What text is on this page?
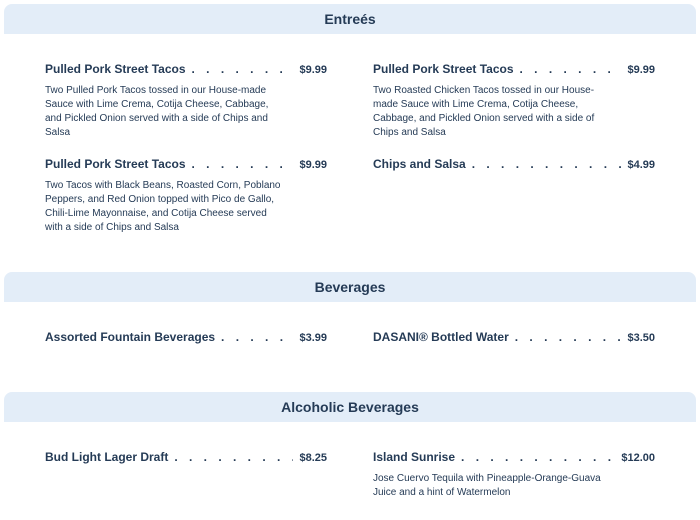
Entreés
Pulled Pork Street Tacos . . .	$9.99
Two Pulled Pork Tacos tossed in our House-made Sauce with Lime Crema, Cotija Cheese, Cabbage, and Pickled Onion served with a side of Chips and Salsa
Pulled Pork Street Tacos . . .	$9.99
Two Roasted Chicken Tacos tossed in our House-made Sauce with Lime Crema, Cotija Cheese, Cabbage, and Pickled Onion served with a side of Chips and Salsa
Pulled Pork Street Tacos . . .	$9.99
Two Tacos with Black Beans, Roasted Corn, Poblano Peppers, and Red Onion topped with Pico de Gallo, Chili-Lime Mayonnaise, and Cotija Cheese served with a side of Chips and Salsa
Chips and Salsa . . .	$4.99
Beverages
Assorted Fountain Beverages . . .	$3.99	DASANI® Bottled Water . . .	$3.50
Alcoholic Beverages
Bud Light Lager Draft . . .	$8.25	Island Sunrise . . .	$12.00
Jose Cuervo Tequila with Pineapple-Orange-Guava Juice and a hint of Watermelon
